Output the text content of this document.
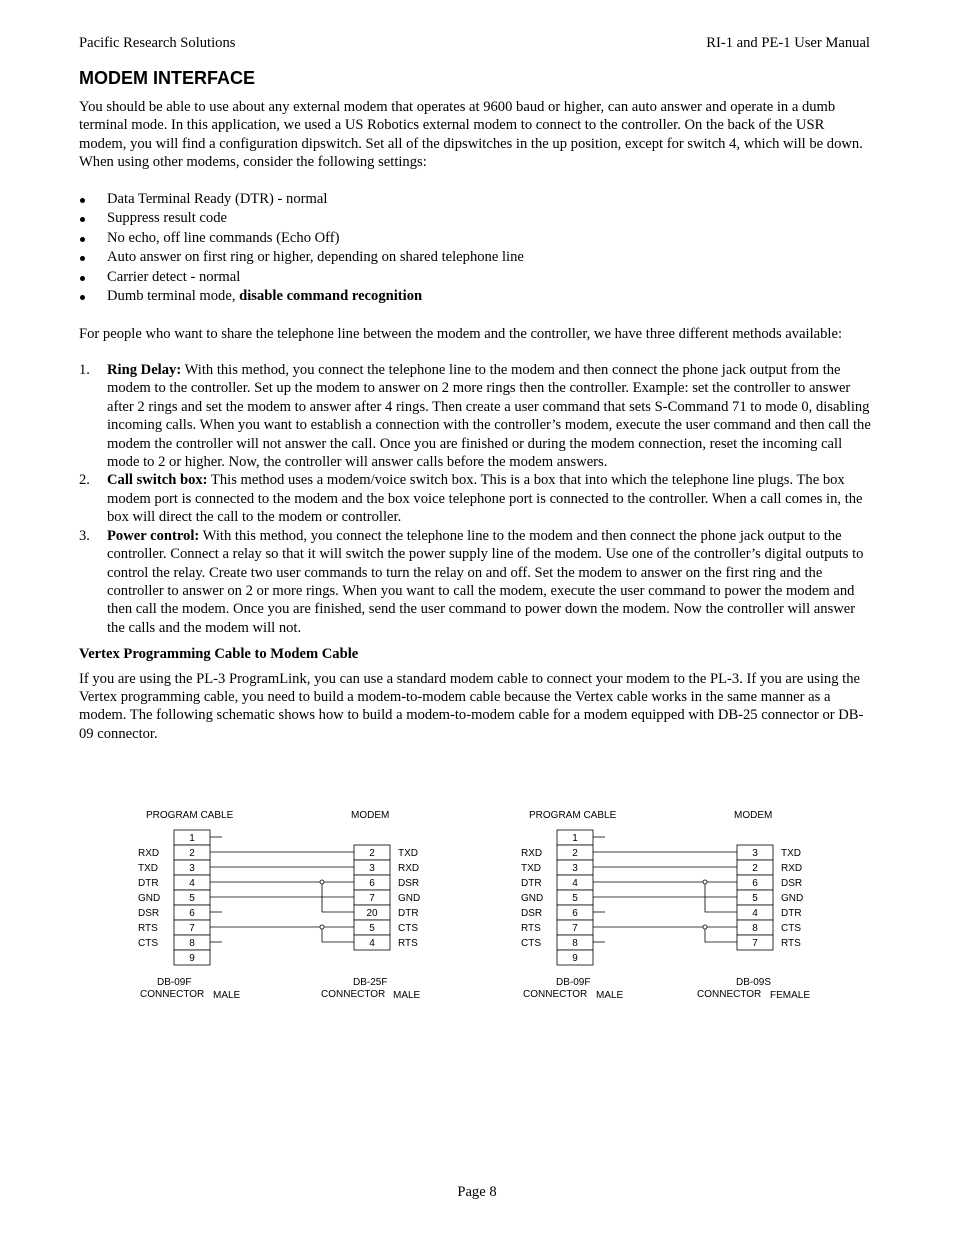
Pacific Research Solutions	RI-1 and PE-1 User Manual
MODEM INTERFACE

You should be able to use about any external modem that operates at 9600 baud or higher, can auto answer and operate in a dumb terminal mode. In this application, we used a US Robotics external modem to connect to the controller. On the back of the USR modem, you will find a configuration dipswitch. Set all of the dipswitches in the up position, except for switch 4, which will be down. When using other modems, consider the following settings:

Data Terminal Ready (DTR) - normal
Suppress result code
No echo, off line commands (Echo Off)
Auto answer on first ring or higher, depending on shared telephone line
Carrier detect - normal
Dumb terminal mode, disable command recognition

For people who want to share the telephone line between the modem and the controller, we have three different methods available:

1. Ring Delay: With this method, you connect the telephone line to the modem and then connect the phone jack output from the modem to the controller. Set up the modem to answer on 2 more rings then the controller. Example: set the controller to answer after 2 rings and set the modem to answer after 4 rings. Then create a user command that sets S-Command 71 to mode 0, disabling incoming calls. When you want to establish a connection with the controller’s modem, execute the user command and then call the modem the controller will not answer the call. Once you are finished or during the modem connection, reset the incoming call mode to 2 or higher. Now, the controller will answer calls before the modem answers.
2. Call switch box: This method uses a modem/voice switch box. This is a box that into which the telephone line plugs. The box modem port is connected to the modem and the box voice telephone port is connected to the controller. When a call comes in, the box will direct the call to the modem or controller.
3. Power control: With this method, you connect the telephone line to the modem and then connect the phone jack output to the controller. Connect a relay so that it will switch the power supply line of the modem. Use one of the controller’s digital outputs to control the relay. Create two user commands to turn the relay on and off. Set the modem to answer on the first ring and the controller to answer on 2 or more rings. When you want to call the modem, execute the user command to power the modem and then call the modem. Once you are finished, send the user command to power down the modem. Now the controller will answer the calls and the modem will not.

Vertex Programming Cable to Modem Cable

If you are using the PL-3 ProgramLink, you can use a standard modem cable to connect your modem to the PL-3. If you are using the Vertex programming cable, you need to build a modem-to-modem cable because the Vertex cable works in the same manner as a modem. The following schematic shows how to build a modem-to-modem cable for a modem equipped with DB-25 connector or DB-09 connector.

PROGRAM CABLE	MODEM
1
2
RXD
3
TXD
4
DTR
5
GND
6
DSR
7
RTS
8
CTS
9
2 TXD
3 RXD
6 DSR
7 GND
20 DTR
5 CTS
4 RTS
DB-09F
CONNECTOR MALE
DB-25F
CONNECTOR MALE
PROGRAM CABLE	MODEM
1
2
RXD
3
TXD
4
DTR
5
GND
6
DSR
7
RTS
8
CTS
9
3 TXD
2 RXD
6 DSR
5 GND
4 DTR
8 CTS
7 RTS
DB-09F
CONNECTOR MALE
DB-09S
CONNECTOR FEMALE
Page 8
